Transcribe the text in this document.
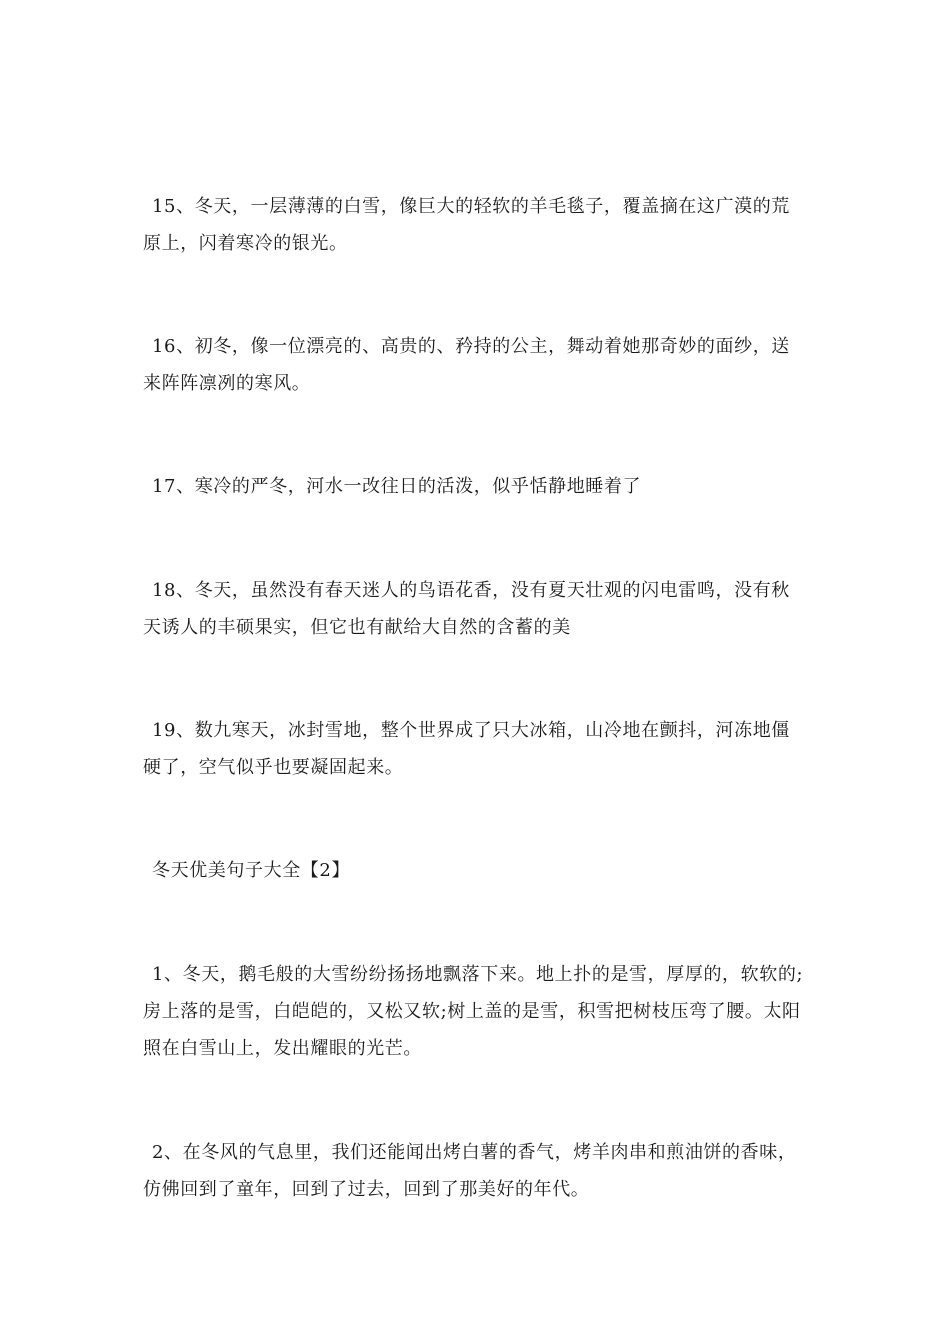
15、冬天，一层薄薄的白雪，像巨大的轻软的羊毛毯子，覆盖摘在这广漠的荒原上，闪着寒冷的银光。

16、初冬，像一位漂亮的、高贵的、矜持的公主，舞动着她那奇妙的面纱，送来阵阵凛冽的寒风。

17、寒冷的严冬，河水一改往日的活泼，似乎恬静地睡着了

18、冬天，虽然没有春天迷人的鸟语花香，没有夏天壮观的闪电雷鸣，没有秋天诱人的丰硕果实，但它也有献给大自然的含蓄的美

19、数九寒天，冰封雪地，整个世界成了只大冰箱，山冷地在颤抖，河冻地僵硬了，空气似乎也要凝固起来。

冬天优美句子大全【2】

1、冬天，鹅毛般的大雪纷纷扬扬地飘落下来。地上扑的是雪，厚厚的，软软的;房上落的是雪，白皑皑的，又松又软;树上盖的是雪，积雪把树枝压弯了腰。太阳照在白雪山上，发出耀眼的光芒。

2、在冬风的气息里，我们还能闻出烤白薯的香气，烤羊肉串和煎油饼的香味，仿佛回到了童年，回到了过去，回到了那美好的年代。
